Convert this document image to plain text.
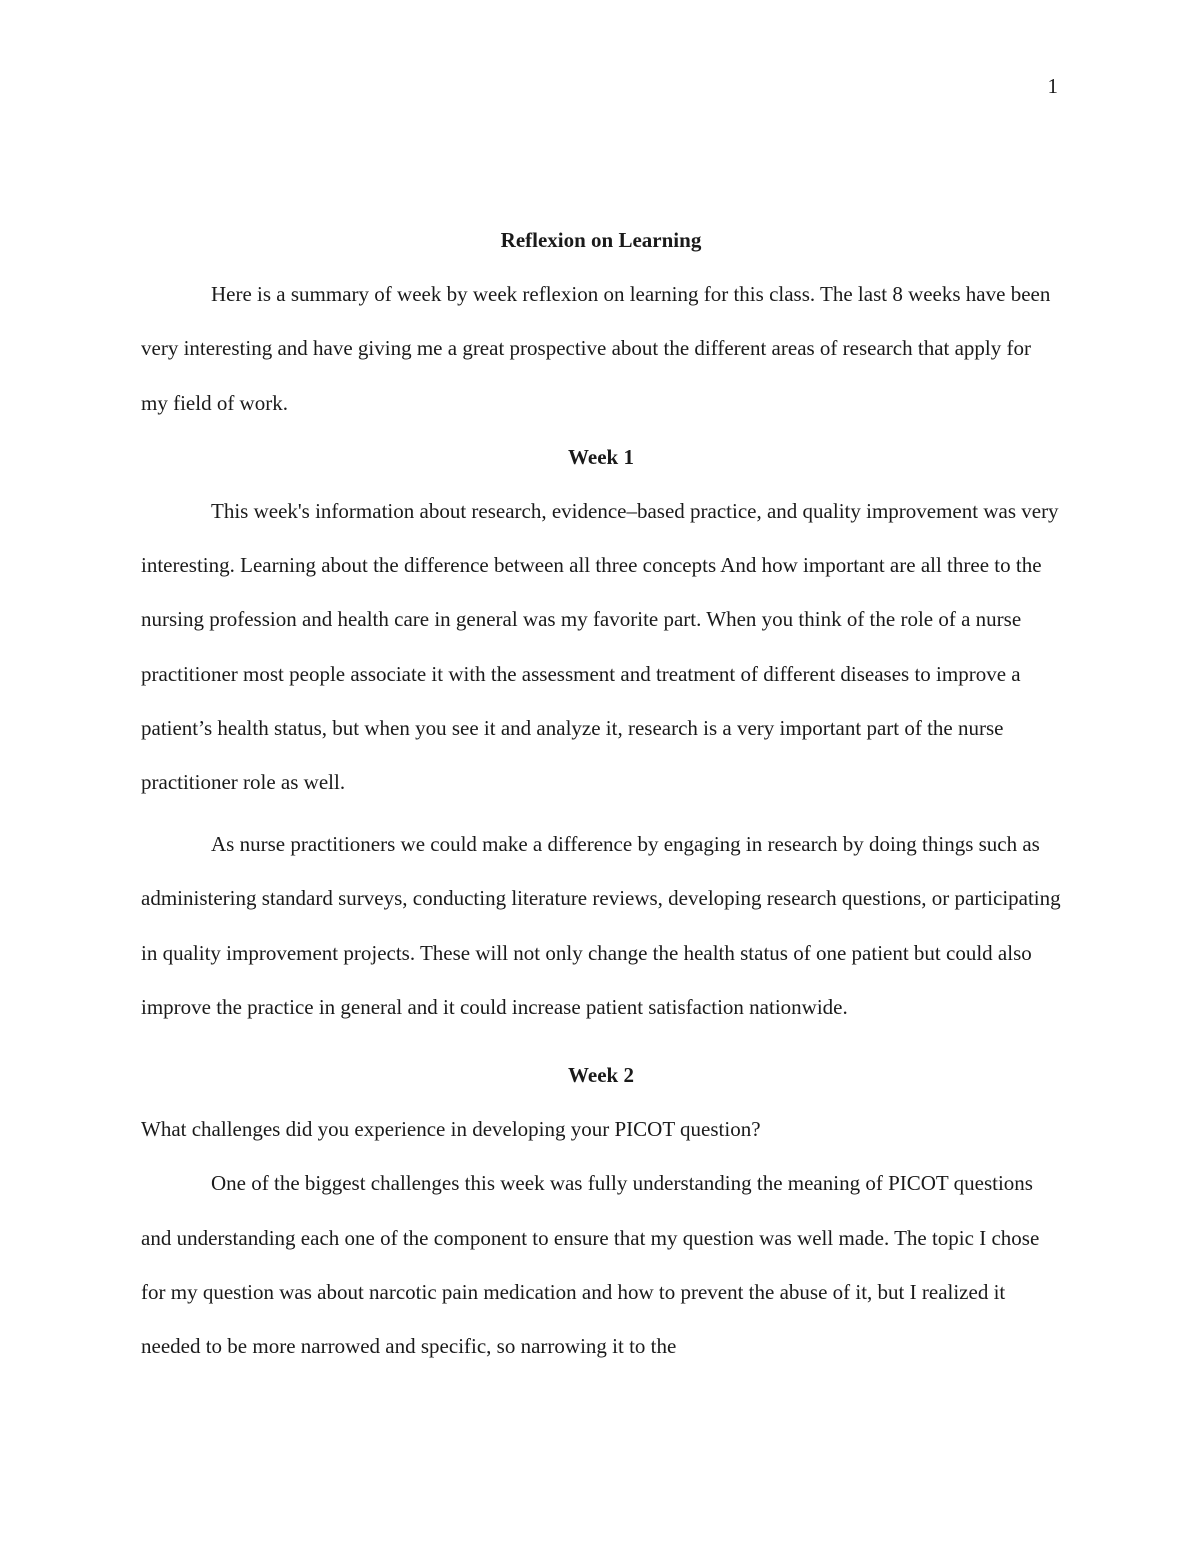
1
Reflexion on Learning

Here is a summary of week by week reflexion on learning for this class. The last 8 weeks have been very interesting and have giving me a great prospective about the different areas of research that apply for my field of work.

Week 1

This week's information about research, evidence–based practice, and quality improvement was very interesting. Learning about the difference between all three concepts And how important are all three to the nursing profession and health care in general was my favorite part. When you think of the role of a nurse practitioner most people associate it with the assessment and treatment of different diseases to improve a patient’s health status, but when you see it and analyze it, research is a very important part of the nurse practitioner role as well.

As nurse practitioners we could make a difference by engaging in research by doing things such as administering standard surveys, conducting literature reviews, developing research questions, or participating in quality improvement projects. These will not only change the health status of one patient but could also improve the practice in general and it could increase patient satisfaction nationwide.

Week 2

What challenges did you experience in developing your PICOT question?

One of the biggest challenges this week was fully understanding the meaning of PICOT questions and understanding each one of the component to ensure that my question was well made. The topic I chose for my question was about narcotic pain medication and how to prevent the abuse of it, but I realized it needed to be more narrowed and specific, so narrowing it to the
